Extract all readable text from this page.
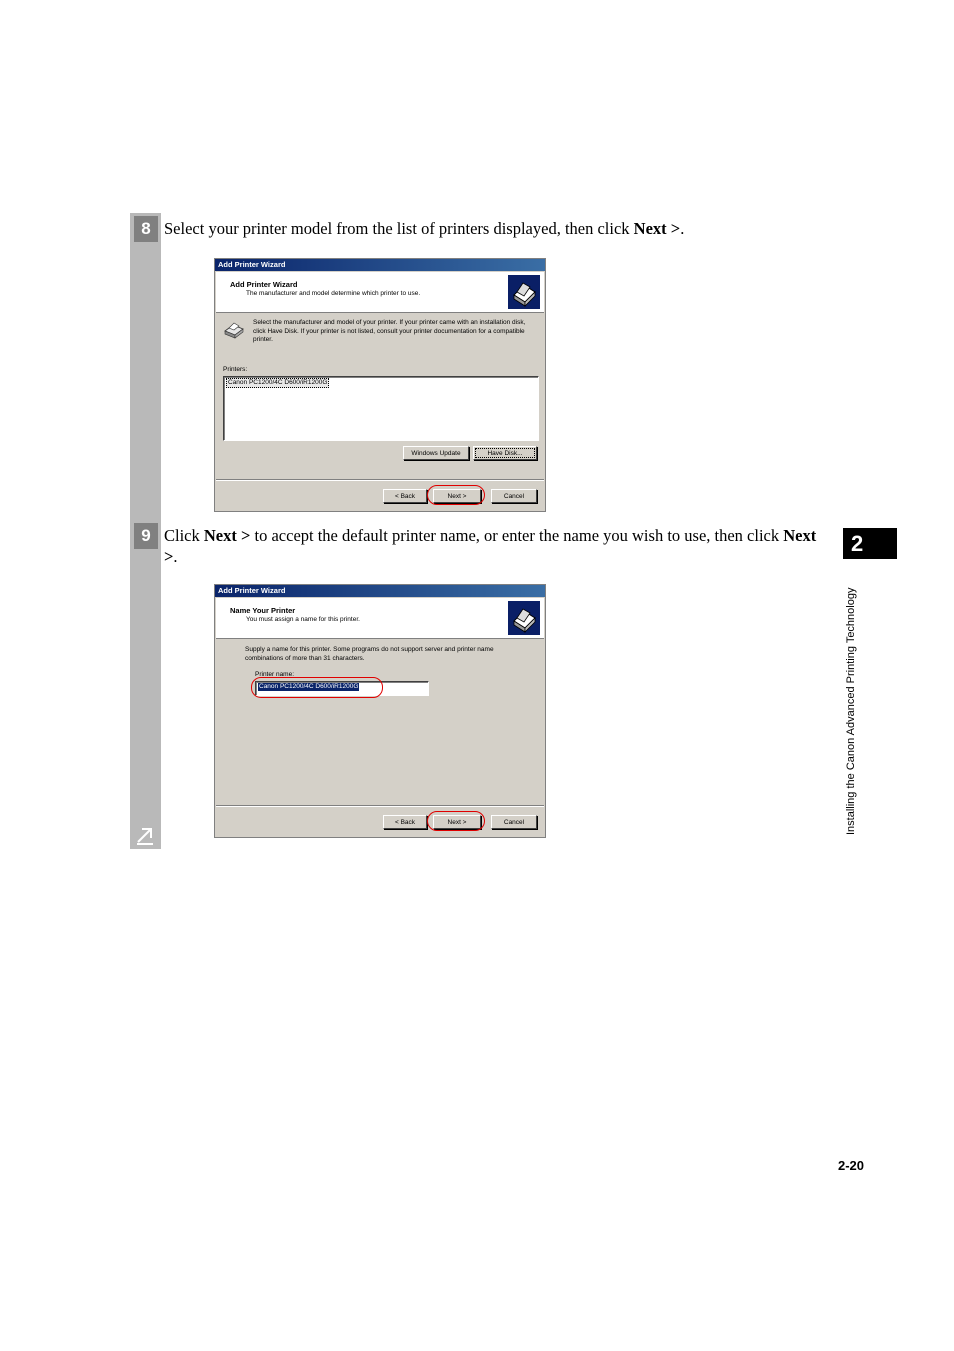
8 Select your printer model from the list of printers displayed, then click Next >.
Add Printer Wizard
Add Printer Wizard
The manufacturer and model determine which printer to use.
Select the manufacturer and model of your printer. If your printer came with an installation disk, click Have Disk. If your printer is not listed, consult your printer documentation for a compatible printer.
Printers:
Canon PC1200/4C D600/iR1200G
Windows Update	Have Disk...
< Back	Next >	Cancel
9 Click Next > to accept the default printer name, or enter the name you wish to use, then click Next >.
Add Printer Wizard
Name Your Printer
You must assign a name for this printer.
Supply a name for this printer. Some programs do not support server and printer name combinations of more than 31 characters.
Printer name:
Canon PC1200/4C D600/iR1200G
< Back	Next >	Cancel
2
Installing the Canon Advanced Printing Technology
2-20
